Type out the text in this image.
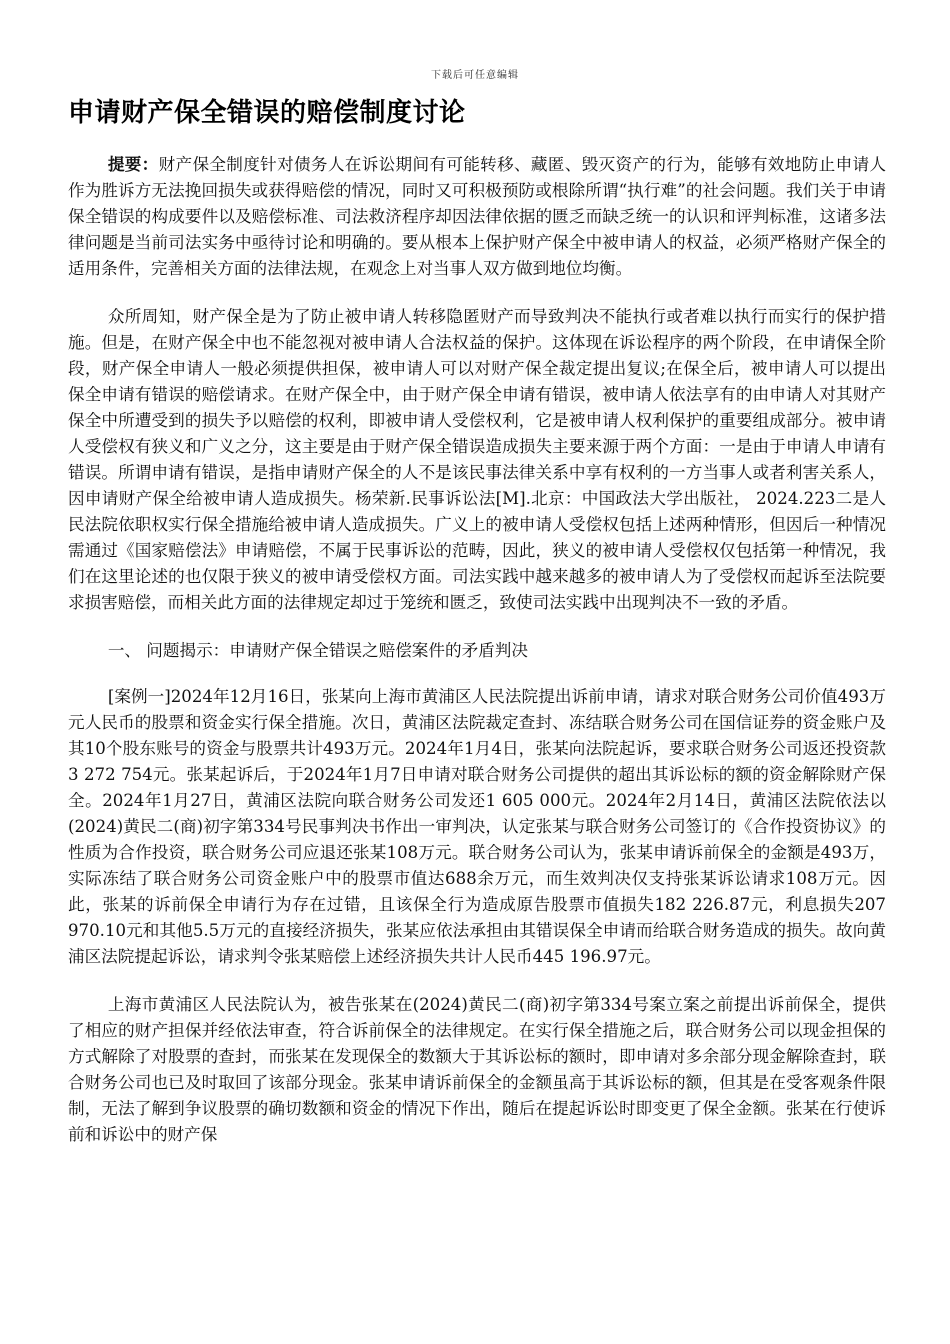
下载后可任意编辑
申请财产保全错误的赔偿制度讨论

提要：财产保全制度针对债务人在诉讼期间有可能转移、藏匿、毁灭资产的行为，能够有效地防止申请人作为胜诉方无法挽回损失或获得赔偿的情况，同时又可积极预防或根除所谓“执行难”的社会问题。我们关于申请保全错误的构成要件以及赔偿标准、司法救济程序却因法律依据的匮乏而缺乏统一的认识和评判标准，这诸多法律问题是当前司法实务中亟待讨论和明确的。要从根本上保护财产保全中被申请人的权益，必须严格财产保全的适用条件，完善相关方面的法律法规，在观念上对当事人双方做到地位均衡。

众所周知，财产保全是为了防止被申请人转移隐匿财产而导致判决不能执行或者难以执行而实行的保护措施。但是，在财产保全中也不能忽视对被申请人合法权益的保护。这体现在诉讼程序的两个阶段，在申请保全阶段，财产保全申请人一般必须提供担保，被申请人可以对财产保全裁定提出复议;在保全后，被申请人可以提出保全申请有错误的赔偿请求。在财产保全中，由于财产保全申请有错误，被申请人依法享有的由申请人对其财产保全中所遭受到的损失予以赔偿的权利，即被申请人受偿权利，它是被申请人权利保护的重要组成部分。被申请人受偿权有狭义和广义之分，这主要是由于财产保全错误造成损失主要来源于两个方面：一是由于申请人申请有错误。所谓申请有错误，是指申请财产保全的人不是该民事法律关系中享有权利的一方当事人或者利害关系人，因申请财产保全给被申请人造成损失。杨荣新.民事诉讼法[M].北京：中国政法大学出版社， 2024.223二是人民法院依职权实行保全措施给被申请人造成损失。广义上的被申请人受偿权包括上述两种情形，但因后一种情况需通过《国家赔偿法》申请赔偿，不属于民事诉讼的范畴，因此，狭义的被申请人受偿权仅包括第一种情况，我们在这里论述的也仅限于狭义的被申请受偿权方面。司法实践中越来越多的被申请人为了受偿权而起诉至法院要求损害赔偿，而相关此方面的法律规定却过于笼统和匮乏，致使司法实践中出现判决不一致的矛盾。

一、 问题揭示：申请财产保全错误之赔偿案件的矛盾判决

[案例一]2024年12月16日，张某向上海市黄浦区人民法院提出诉前申请，请求对联合财务公司价值493万元人民币的股票和资金实行保全措施。次日，黄浦区法院裁定查封、冻结联合财务公司在国信证券的资金账户及其10个股东账号的资金与股票共计493万元。2024年1月4日，张某向法院起诉，要求联合财务公司返还投资款3 272 754元。张某起诉后，于2024年1月7日申请对联合财务公司提供的超出其诉讼标的额的资金解除财产保全。2024年1月27日，黄浦区法院向联合财务公司发还1 605 000元。2024年2月14日，黄浦区法院依法以(2024)黄民二(商)初字第334号民事判决书作出一审判决，认定张某与联合财务公司签订的《合作投资协议》的性质为合作投资，联合财务公司应退还张某108万元。联合财务公司认为，张某申请诉前保全的金额是493万，实际冻结了联合财务公司资金账户中的股票市值达688余万元，而生效判决仅支持张某诉讼请求108万元。因此，张某的诉前保全申请行为存在过错，且该保全行为造成原告股票市值损失182 226.87元，利息损失207 970.10元和其他5.5万元的直接经济损失，张某应依法承担由其错误保全申请而给联合财务造成的损失。故向黄浦区法院提起诉讼，请求判令张某赔偿上述经济损失共计人民币445 196.97元。

上海市黄浦区人民法院认为，被告张某在(2024)黄民二(商)初字第334号案立案之前提出诉前保全，提供了相应的财产担保并经依法审查，符合诉前保全的法律规定。在实行保全措施之后，联合财务公司以现金担保的方式解除了对股票的查封，而张某在发现保全的数额大于其诉讼标的额时，即申请对多余部分现金解除查封，联合财务公司也已及时取回了该部分现金。张某申请诉前保全的金额虽高于其诉讼标的额，但其是在受客观条件限制，无法了解到争议股票的确切数额和资金的情况下作出，随后在提起诉讼时即变更了保全金额。张某在行使诉前和诉讼中的财产保
